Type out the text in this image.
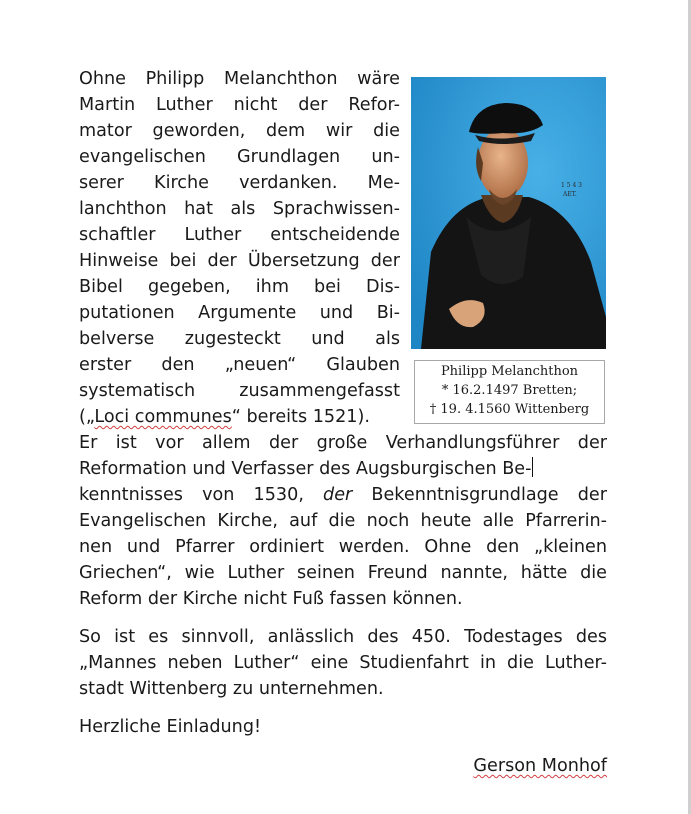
Ohne Philipp Melanchthon wäre
Martin Luther nicht der Refor-
mator geworden, dem wir die
evangelischen Grundlagen un-
serer Kirche verdanken. Me-
lanchthon hat als Sprachwissen-
schaftler Luther entscheidende
Hinweise bei der Übersetzung der
Bibel gegeben, ihm bei Dis-
putationen Argumente und Bi-
belverse zugesteckt und als
erster den „neuen“ Glauben
systematisch zusammengefasst
(„Loci communes“ bereits 1521).
Er ist vor allem der große Verhandlungsführer der
Reformation und Verfasser des Augsburgischen Be-
kenntnisses von 1530, der Bekenntnisgrundlage der
Evangelischen Kirche, auf die noch heute alle Pfarrerin-
nen und Pfarrer ordiniert werden. Ohne den „kleinen
Griechen“, wie Luther seinen Freund nannte, hätte die
Reform der Kirche nicht Fuß fassen können.
So ist es sinnvoll, anlässlich des 450. Todestages des
„Mannes neben Luther“ eine Studienfahrt in die Luther-
stadt Wittenberg zu unternehmen.
Herzliche Einladung!
Gerson Monhof
1 5 4 3
AET.
Philipp Melanchthon
* 16.2.1497 Bretten;
† 19. 4.1560 Wittenberg
